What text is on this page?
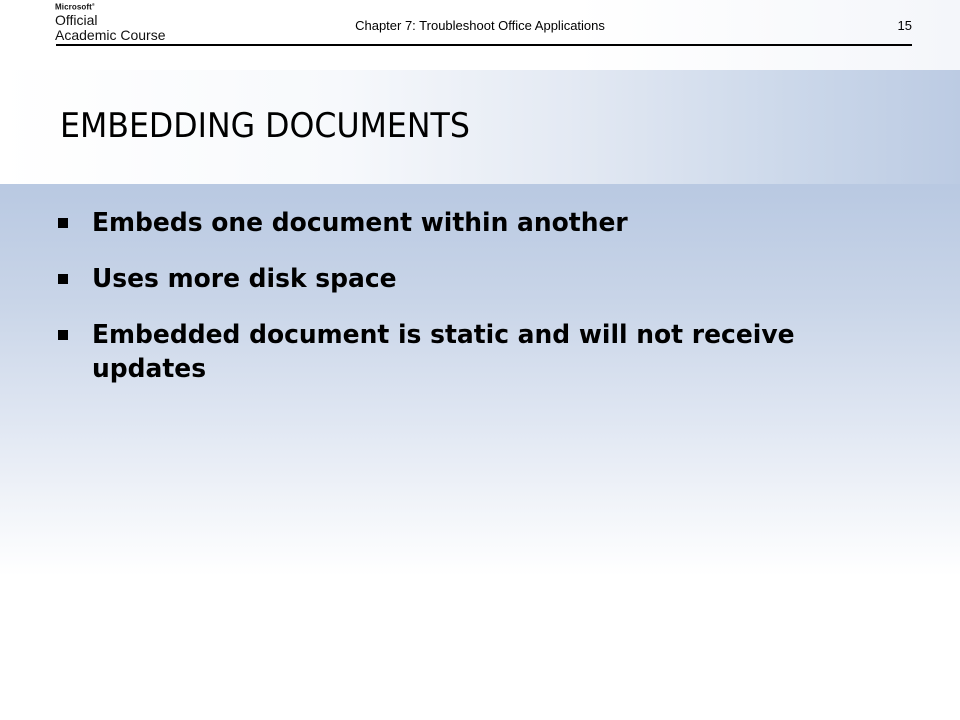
Microsoft®
Official
Academic Course
Chapter 7: Troubleshoot Office Applications	15
EMBEDDING DOCUMENTS
Embeds one document within another
Uses more disk space
Embedded document is static and will not receive updates
